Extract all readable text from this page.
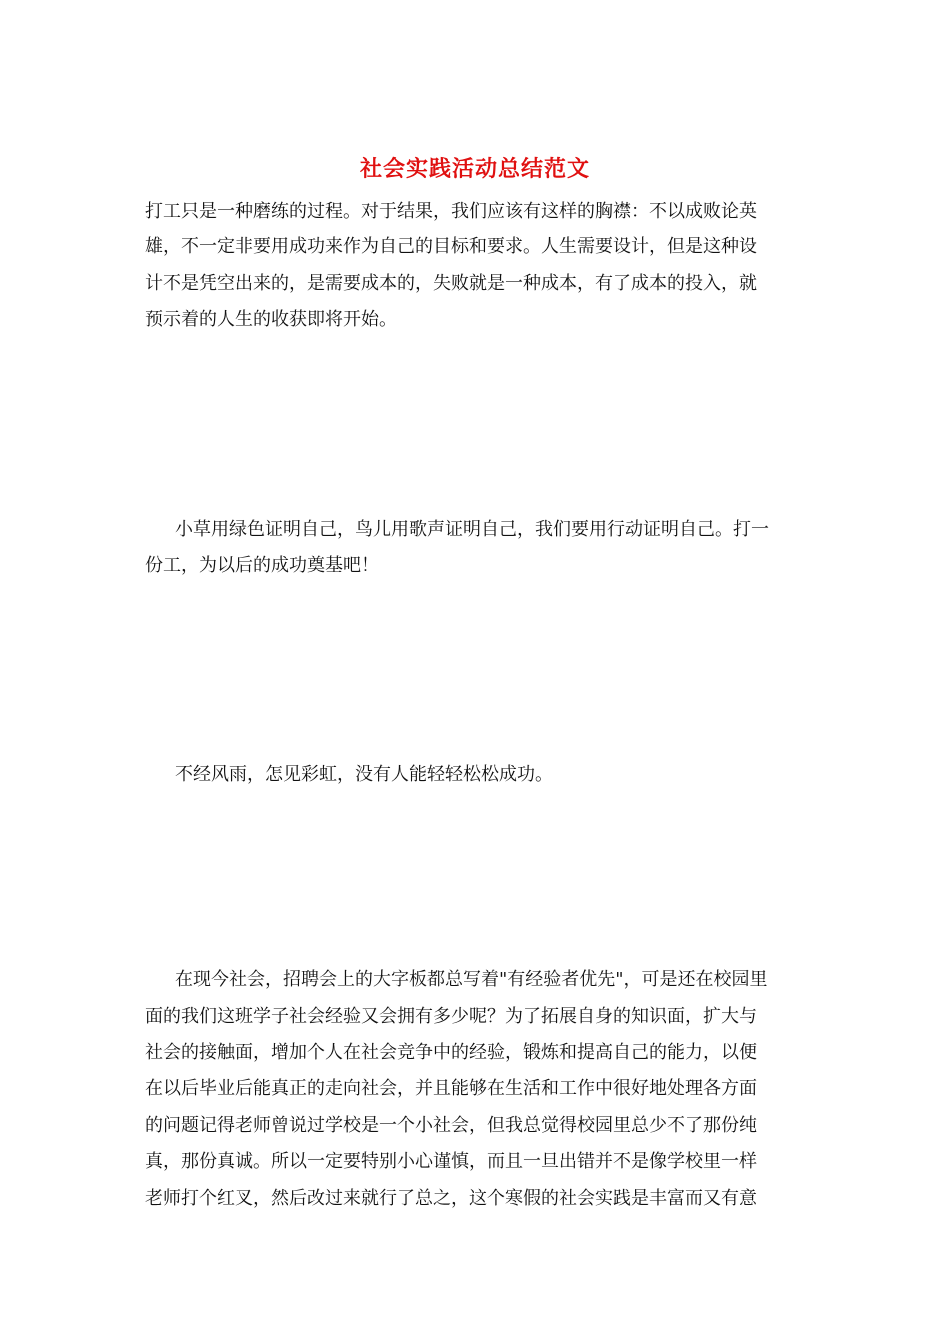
社会实践活动总结范文
打工只是一种磨练的过程。对于结果，我们应该有这样的胸襟：不以成败论英
雄，不一定非要用成功来作为自己的目标和要求。人生需要设计，但是这种设
计不是凭空出来的，是需要成本的，失败就是一种成本，有了成本的投入，就
预示着的人生的收获即将开始。
小草用绿色证明自己，鸟儿用歌声证明自己，我们要用行动证明自己。打一
份工，为以后的成功奠基吧！
不经风雨，怎见彩虹，没有人能轻轻松松成功。
在现今社会，招聘会上的大字板都总写着"有经验者优先"，可是还在校园里
面的我们这班学子社会经验又会拥有多少呢？为了拓展自身的知识面，扩大与
社会的接触面，增加个人在社会竞争中的经验，锻炼和提高自己的能力，以便
在以后毕业后能真正的走向社会，并且能够在生活和工作中很好地处理各方面
的问题记得老师曾说过学校是一个小社会，但我总觉得校园里总少不了那份纯
真，那份真诚。所以一定要特别小心谨慎，而且一旦出错并不是像学校里一样
老师打个红叉，然后改过来就行了总之，这个寒假的社会实践是丰富而又有意
